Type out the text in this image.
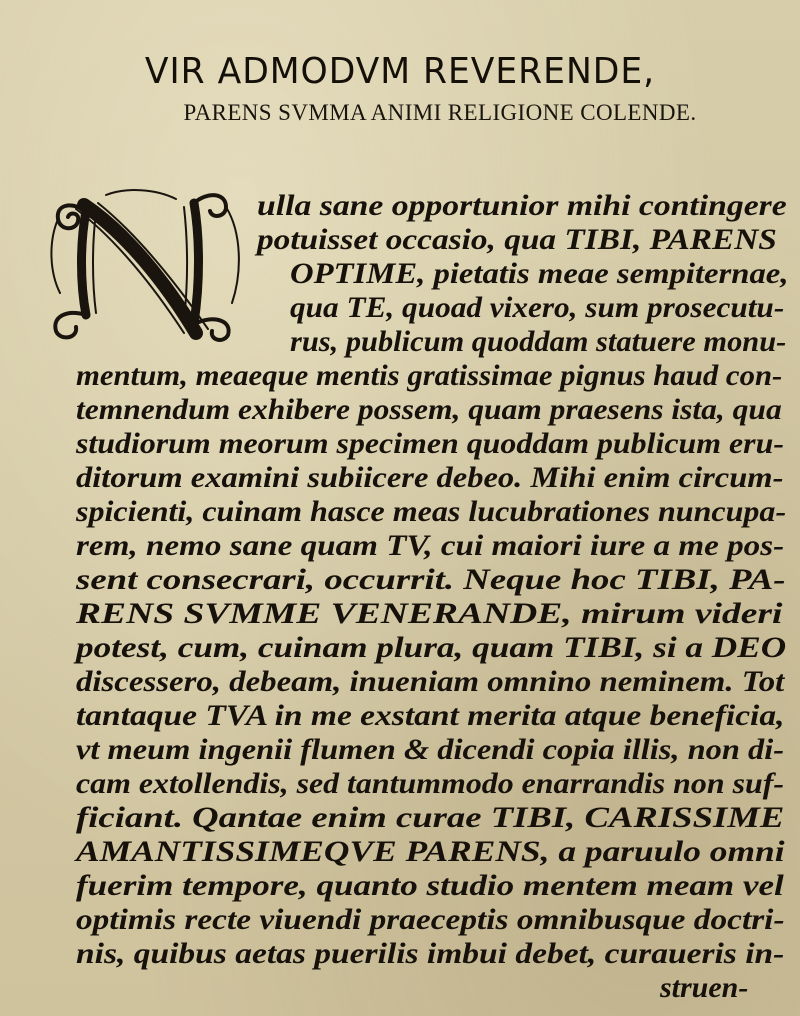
VIR ADMODVM REVERENDE,
PARENS SVMMA ANIMI RELIGIONE COLENDE.
ulla sane opportunior mihi contingere
potuisset occasio, qua TIBI, PARENS
OPTIME, pietatis meae sempiternae,
qua TE, quoad vixero, sum prosecutu-
rus, publicum quoddam statuere monu-
mentum, meaeque mentis gratissimae pignus haud con-
temnendum exhibere possem, quam praesens ista, qua
studiorum meorum specimen quoddam publicum eru-
ditorum examini subiicere debeo. Mihi enim circum-
spicienti, cuinam hasce meas lucubrationes nuncupa-
rem, nemo sane quam TV, cui maiori iure a me pos-
sent consecrari, occurrit. Neque hoc TIBI, PA-
RENS SVMME VENERANDE, mirum videri
potest, cum, cuinam plura, quam TIBI, si a DEO
discessero, debeam, inueniam omnino neminem. Tot
tantaque TVA in me exstant merita atque beneficia,
vt meum ingenii flumen & dicendi copia illis, non di-
cam extollendis, sed tantummodo enarrandis non suf-
ficiant. Qantae enim curae TIBI, CARISSIME
AMANTISSIMEQVE PARENS, a paruulo omni
fuerim tempore, quanto studio mentem meam vel
optimis recte viuendi praeceptis omnibusque doctri-
nis, quibus aetas puerilis imbui debet, curaueris in-
struen-
